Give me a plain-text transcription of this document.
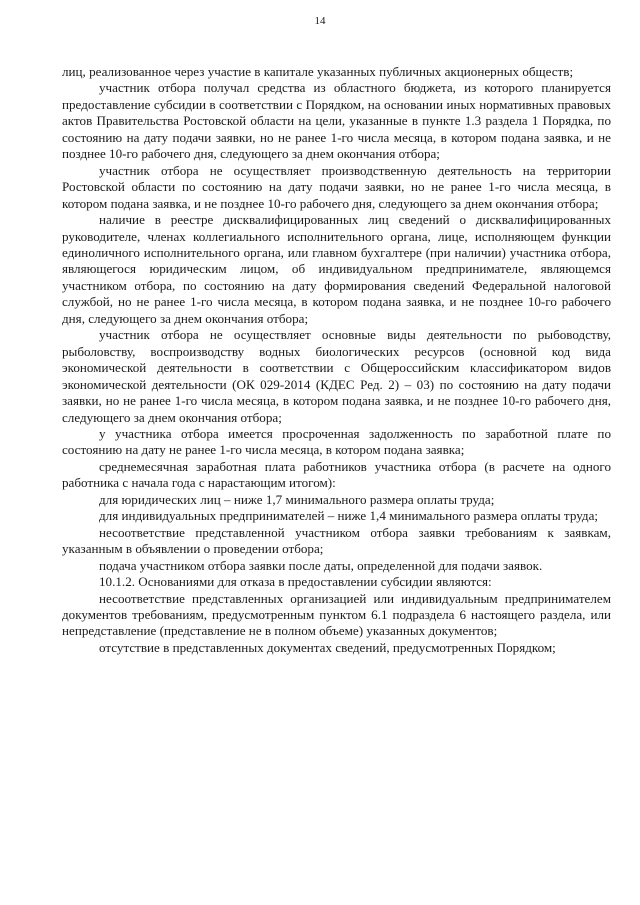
14

лиц, реализованное через участие в капитале указанных публичных акционерных обществ;

участник отбора получал средства из областного бюджета, из которого планируется предоставление субсидии в соответствии с Порядком, на основании иных нормативных правовых актов Правительства Ростовской области на цели, указанные в пункте 1.3 раздела 1 Порядка, по состоянию на дату подачи заявки, но не ранее 1-го числа месяца, в котором подана заявка, и не позднее 10-го рабочего дня, следующего за днем окончания отбора;

участник отбора не осуществляет производственную деятельность на территории Ростовской области по состоянию на дату подачи заявки, но не ранее 1-го числа месяца, в котором подана заявка, и не позднее 10-го рабочего дня, следующего за днем окончания отбора;

наличие в реестре дисквалифицированных лиц сведений о дисквалифицированных руководителе, членах коллегиального исполнительного органа, лице, исполняющем функции единоличного исполнительного органа, или главном бухгалтере (при наличии) участника отбора, являющегося юридическим лицом, об индивидуальном предпринимателе, являющемся участником отбора, по состоянию на дату формирования сведений Федеральной налоговой службой, но не ранее 1-го числа месяца, в котором подана заявка, и не позднее 10-го рабочего дня, следующего за днем окончания отбора;

участник отбора не осуществляет основные виды деятельности по рыбоводству, рыболовству, воспроизводству водных биологических ресурсов (основной код вида экономической деятельности в соответствии с Общероссийским классификатором видов экономической деятельности (ОК 029-2014 (КДЕС Ред. 2) – 03) по состоянию на дату подачи заявки, но не ранее 1-го числа месяца, в котором подана заявка, и не позднее 10-го рабочего дня, следующего за днем окончания отбора;

у участника отбора имеется просроченная задолженность по заработной плате по состоянию на дату не ранее 1-го числа месяца, в котором подана заявка;

среднемесячная заработная плата работников участника отбора (в расчете на одного работника с начала года с нарастающим итогом):

для юридических лиц – ниже 1,7 минимального размера оплаты труда;

для индивидуальных предпринимателей – ниже 1,4 минимального размера оплаты труда;

несоответствие представленной участником отбора заявки требованиям к заявкам, указанным в объявлении о проведении отбора;

подача участником отбора заявки после даты, определенной для подачи заявок.

10.1.2. Основаниями для отказа в предоставлении субсидии являются:

несоответствие представленных организацией или индивидуальным предпринимателем документов требованиям, предусмотренным пунктом 6.1 подраздела 6 настоящего раздела, или непредставление (представление не в полном объеме) указанных документов;

отсутствие в представленных документах сведений, предусмотренных Порядком;
